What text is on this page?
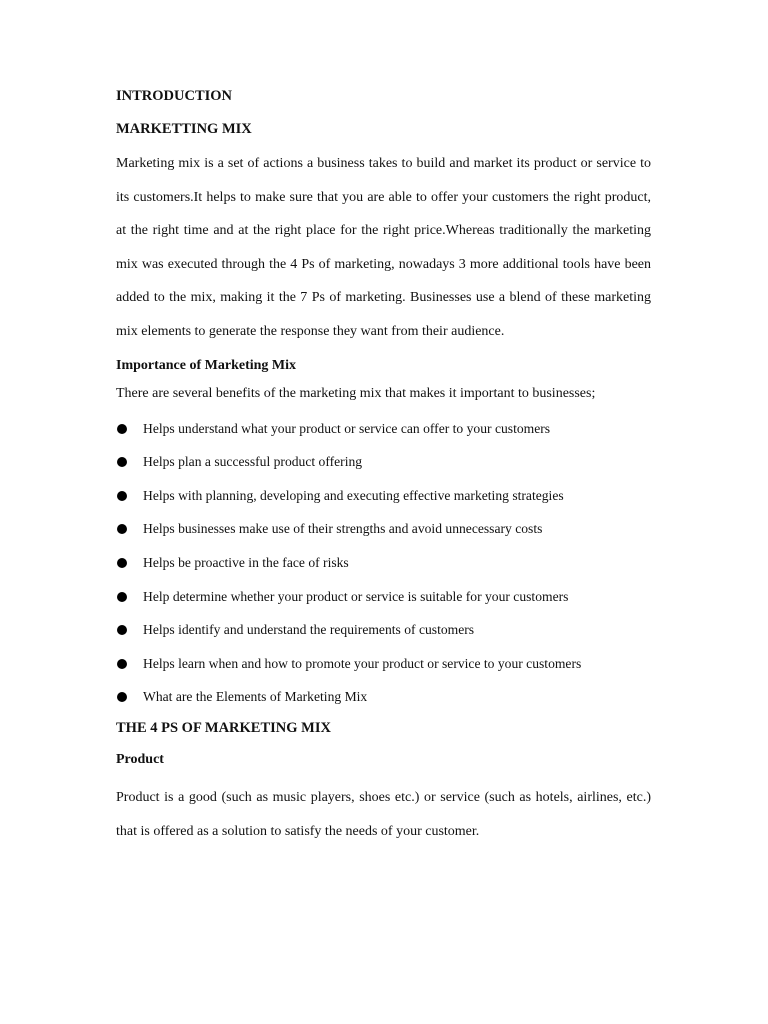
INTRODUCTION
MARKETTING MIX

Marketing mix is a set of actions a business takes to build and market its product or service to its customers.It helps to make sure that you are able to offer your customers the right product, at the right time and at the right place for the right price.Whereas traditionally the marketing mix was executed through the 4 Ps of marketing, nowadays 3 more additional tools have been added to the mix, making it the 7 Ps of marketing. Businesses use a blend of these marketing mix elements to generate the response they want from their audience.

Importance of Marketing Mix

There are several benefits of the marketing mix that makes it important to businesses;

Helps understand what your product or service can offer to your customers
Helps plan a successful product offering
Helps with planning, developing and executing effective marketing strategies
Helps businesses make use of their strengths and avoid unnecessary costs
Helps be proactive in the face of risks
Help determine whether your product or service is suitable for your customers
Helps identify and understand the requirements of customers
Helps learn when and how to promote your product or service to your customers
What are the Elements of Marketing Mix
THE 4 PS OF MARKETING MIX
Product

Product is a good (such as music players, shoes etc.) or service (such as hotels, airlines, etc.) that is offered as a solution to satisfy the needs of your customer.
